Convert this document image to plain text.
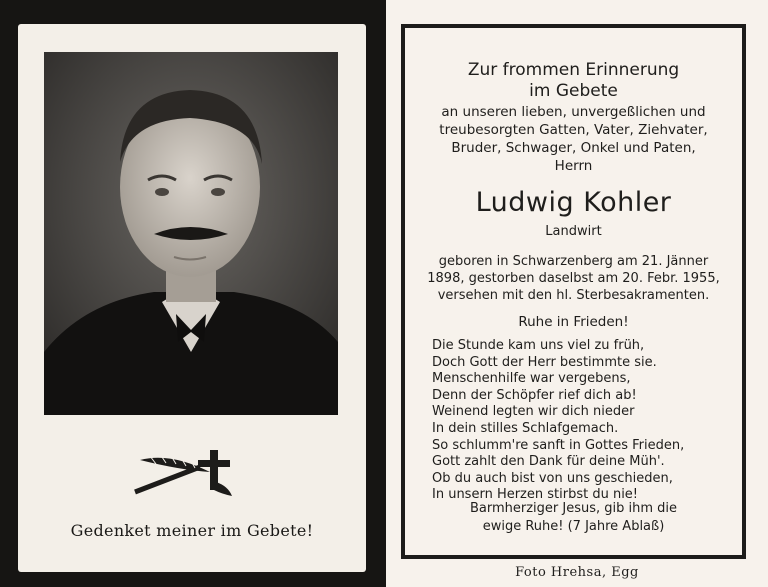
Gedenket meiner im Gebete!
Zur frommen Erinnerung
im Gebete
an unseren lieben, unvergeßlichen und
treubesorgten Gatten, Vater, Ziehvater,
Bruder, Schwager, Onkel und Paten,
Herrn
Ludwig Kohler
Landwirt
geboren in Schwarzenberg am 21. Jänner
1898, gestorben daselbst am 20. Febr. 1955,
versehen mit den hl. Sterbesakramenten.
Ruhe in Frieden!
Die Stunde kam uns viel zu früh,
Doch Gott der Herr bestimmte sie.
Menschenhilfe war vergebens,
Denn der Schöpfer rief dich ab!
Weinend legten wir dich nieder
In dein stilles Schlafgemach.
So schlumm're sanft in Gottes Frieden,
Gott zahlt den Dank für deine Müh'.
Ob du auch bist von uns geschieden,
In unsern Herzen stirbst du nie!
Barmherziger Jesus, gib ihm die
ewige Ruhe! (7 Jahre Ablaß)
Foto Hrehsa, Egg
